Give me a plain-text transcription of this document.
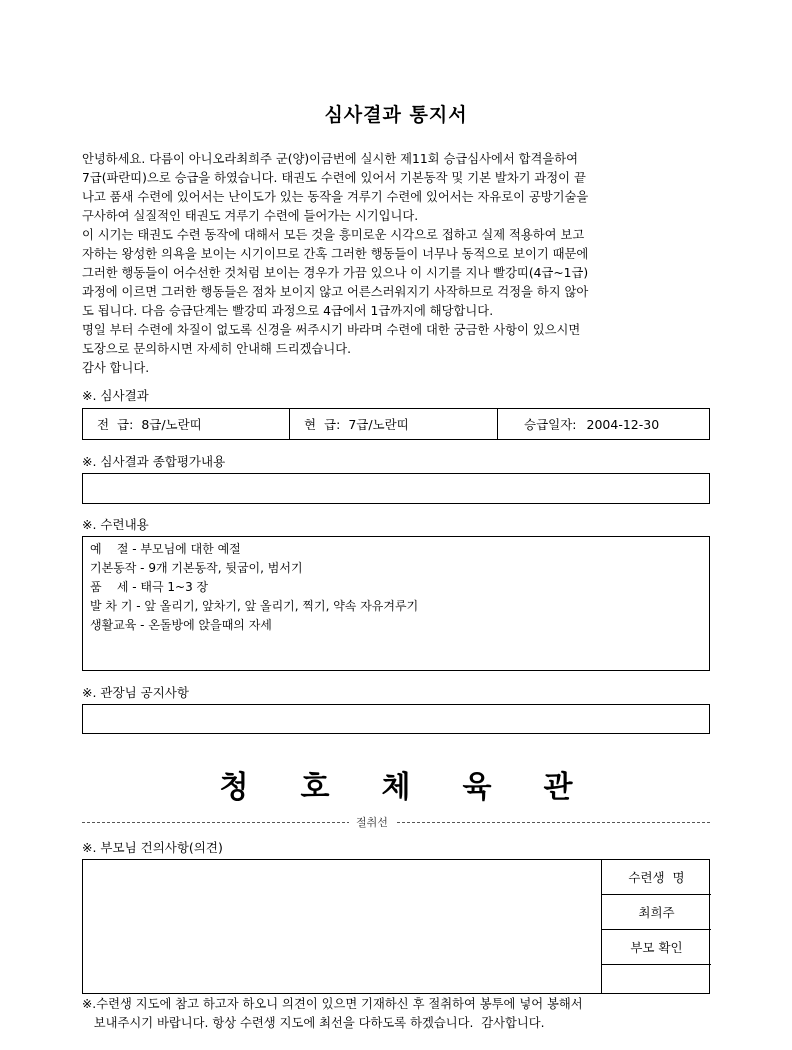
심사결과 통지서

안녕하세요. 다름이 아니오라최희주 군(양)이금번에 실시한 제11회 승급심사에서 합격을하여

7급(파란띠)으로 승급을 하였습니다. 태권도 수련에 있어서 기본동작 및 기본 발차기 과정이 끝

나고 품새 수련에 있어서는 난이도가 있는 동작을 겨루기 수련에 있어서는 자유로이 공방기술을

구사하여 실질적인 태권도 겨루기 수련에 들어가는 시기입니다.

이 시기는 태권도 수련 동작에 대해서 모든 것을 흥미로운 시각으로 접하고 실제 적용하여 보고

자하는 왕성한 의욕을 보이는 시기이므로 간혹 그러한 행동들이 너무나 동적으로 보이기 때문에

그러한 행동들이 어수선한 것처럼 보이는 경우가 가끔 있으나 이 시기를 지나 빨강띠(4급~1급)

과정에 이르면 그러한 행동들은 점차 보이지 않고 어른스러워지기 사작하므로 걱정을 하지 않아

도 됩니다. 다음 승급단계는 빨강띠 과정으로 4급에서 1급까지에 해당합니다.

명일 부터 수련에 차질이 없도록 신경을 써주시기 바라며 수련에 대한 궁금한 사항이 있으시면

도장으로 문의하시면 자세히 안내해 드리겠습니다.

감사 합니다.

※. 심사결과
전  급: 8급/노란띠	현  급: 7급/노란띠	승급일자: 2004-12-30
※. 심사결과 종합평가내용
※. 수련내용
예    절 - 부모님에 대한 예절
기본동작 - 9개 기본동작, 뒷굽이, 범서기
품    세 - 태극 1~3 장
발 차 기 - 앞 올리기, 앞차기, 앞 올리기, 찍기, 약속 자유겨루기
생활교육 - 온돌방에 앉을때의 자세
※. 관장님 공지사항
청 호 체 육 관
절취선
※. 부모님 건의사항(의견)
수련생  명
최희주
부모 확인
※.수련생 지도에 참고 하고자 하오니 의견이 있으면 기재하신 후 절취하여 봉투에 넣어 봉해서
보내주시기 바랍니다. 항상 수련생 지도에 최선을 다하도록 하겠습니다.  감사합니다.
